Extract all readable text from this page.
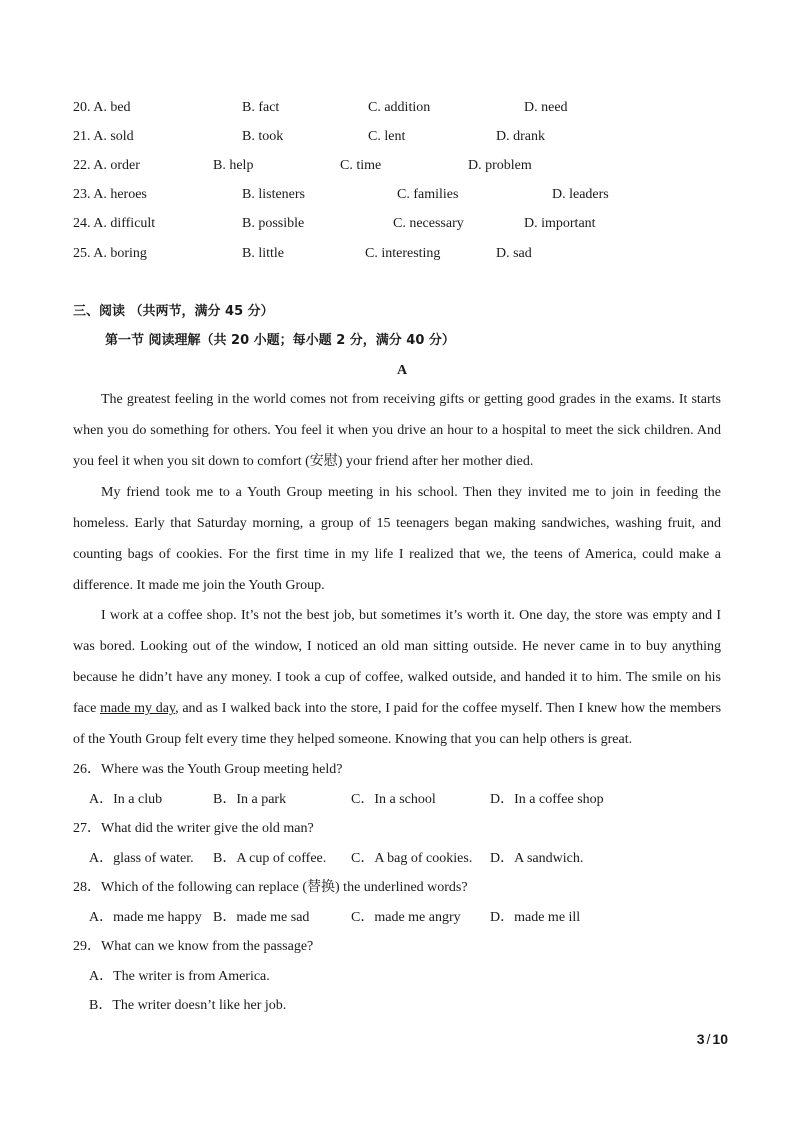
20. A. bed	B. fact	C. addition	D. need
21. A. sold	B. took	C. lent	D. drank
22. A. order	B. help	C. time	D. problem
23. A. heroes	B. listeners	C. families	D. leaders
24. A. difficult	B. possible	C. necessary	D. important
25. A. boring	B. little	C. interesting	D. sad
三、阅读 （共两节，满分 45 分）
第一节 阅读理解（共 20 小题；每小题 2 分，满分 40 分）
A
The greatest feeling in the world comes not from receiving gifts or getting good grades in the exams. It starts when you do something for others. You feel it when you drive an hour to a hospital to meet the sick children. And you feel it when you sit down to comfort (安慰) your friend after her mother died.
My friend took me to a Youth Group meeting in his school. Then they invited me to join in feeding the homeless. Early that Saturday morning, a group of 15 teenagers began making sandwiches, washing fruit, and counting bags of cookies. For the first time in my life I realized that we, the teens of America, could make a difference. It made me join the Youth Group.
I work at a coffee shop. It’s not the best job, but sometimes it’s worth it. One day, the store was empty and I was bored. Looking out of the window, I noticed an old man sitting outside. He never came in to buy anything because he didn’t have any money. I took a cup of coffee, walked outside, and handed it to him. The smile on his face made my day, and as I walked back into the store, I paid for the coffee myself. Then I knew how the members of the Youth Group felt every time they helped someone. Knowing that you can help others is great.
26．Where was the Youth Group meeting held?
A．In a club	B．In a park	C．In a school	D．In a coffee shop
27．What did the writer give the old man?
A．glass of water. B．A cup of coffee. C．A bag of cookies. D．A sandwich.
28．Which of the following can replace (替换) the underlined words?
A．made me happy B．made me sad	C．made me angry D．made me ill
29．What can we know from the passage?
A．The writer is from America.
B．The writer doesn’t like her job.
3 / 10
